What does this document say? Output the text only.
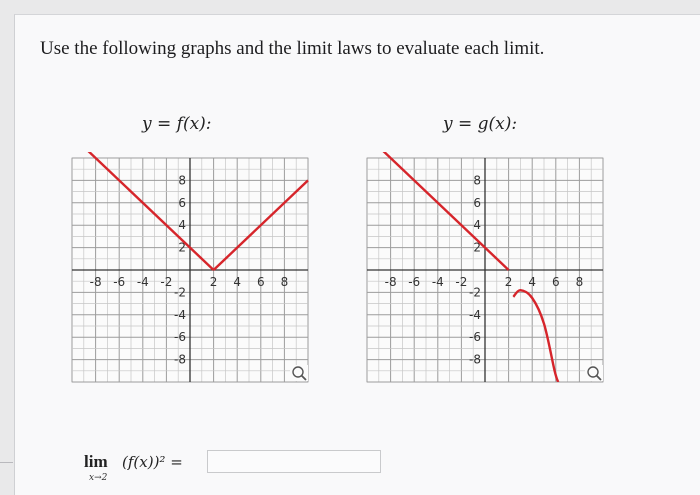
Use the following graphs and the limit laws to evaluate each limit.
y = f(x):	y = g(x):
-8 -6 -4 -2	2 4 6 8
8
6
4
2
-2
-4
-6
-8
-8 -6 -4 -2	2 4 6 8
8
6
4
2
-2
-4
-6
-8
lim
x→2
(f(x))² =
